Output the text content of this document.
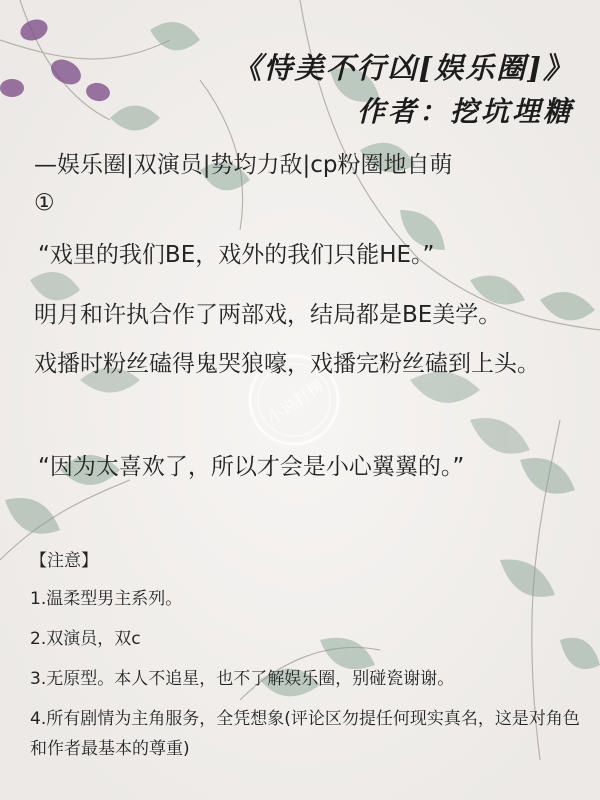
小说打捞
《恃美不行凶[娱乐圈]》
作者：挖坑埋糖
—娱乐圈|双演员|势均力敌|cp粉圈地自萌
①
“戏里的我们BE，戏外的我们只能HE。”
明月和许执合作了两部戏，结局都是BE美学。
戏播时粉丝磕得鬼哭狼嚎，戏播完粉丝磕到上头。
“因为太喜欢了，所以才会是小心翼翼的。”
【注意】
1.温柔型男主系列。
2.双演员，双c
3.无原型。本人不追星，也不了解娱乐圈，别碰瓷谢谢。
4.所有剧情为主角服务，全凭想象(评论区勿提任何现实真名，这是对角色和作者最基本的尊重)
